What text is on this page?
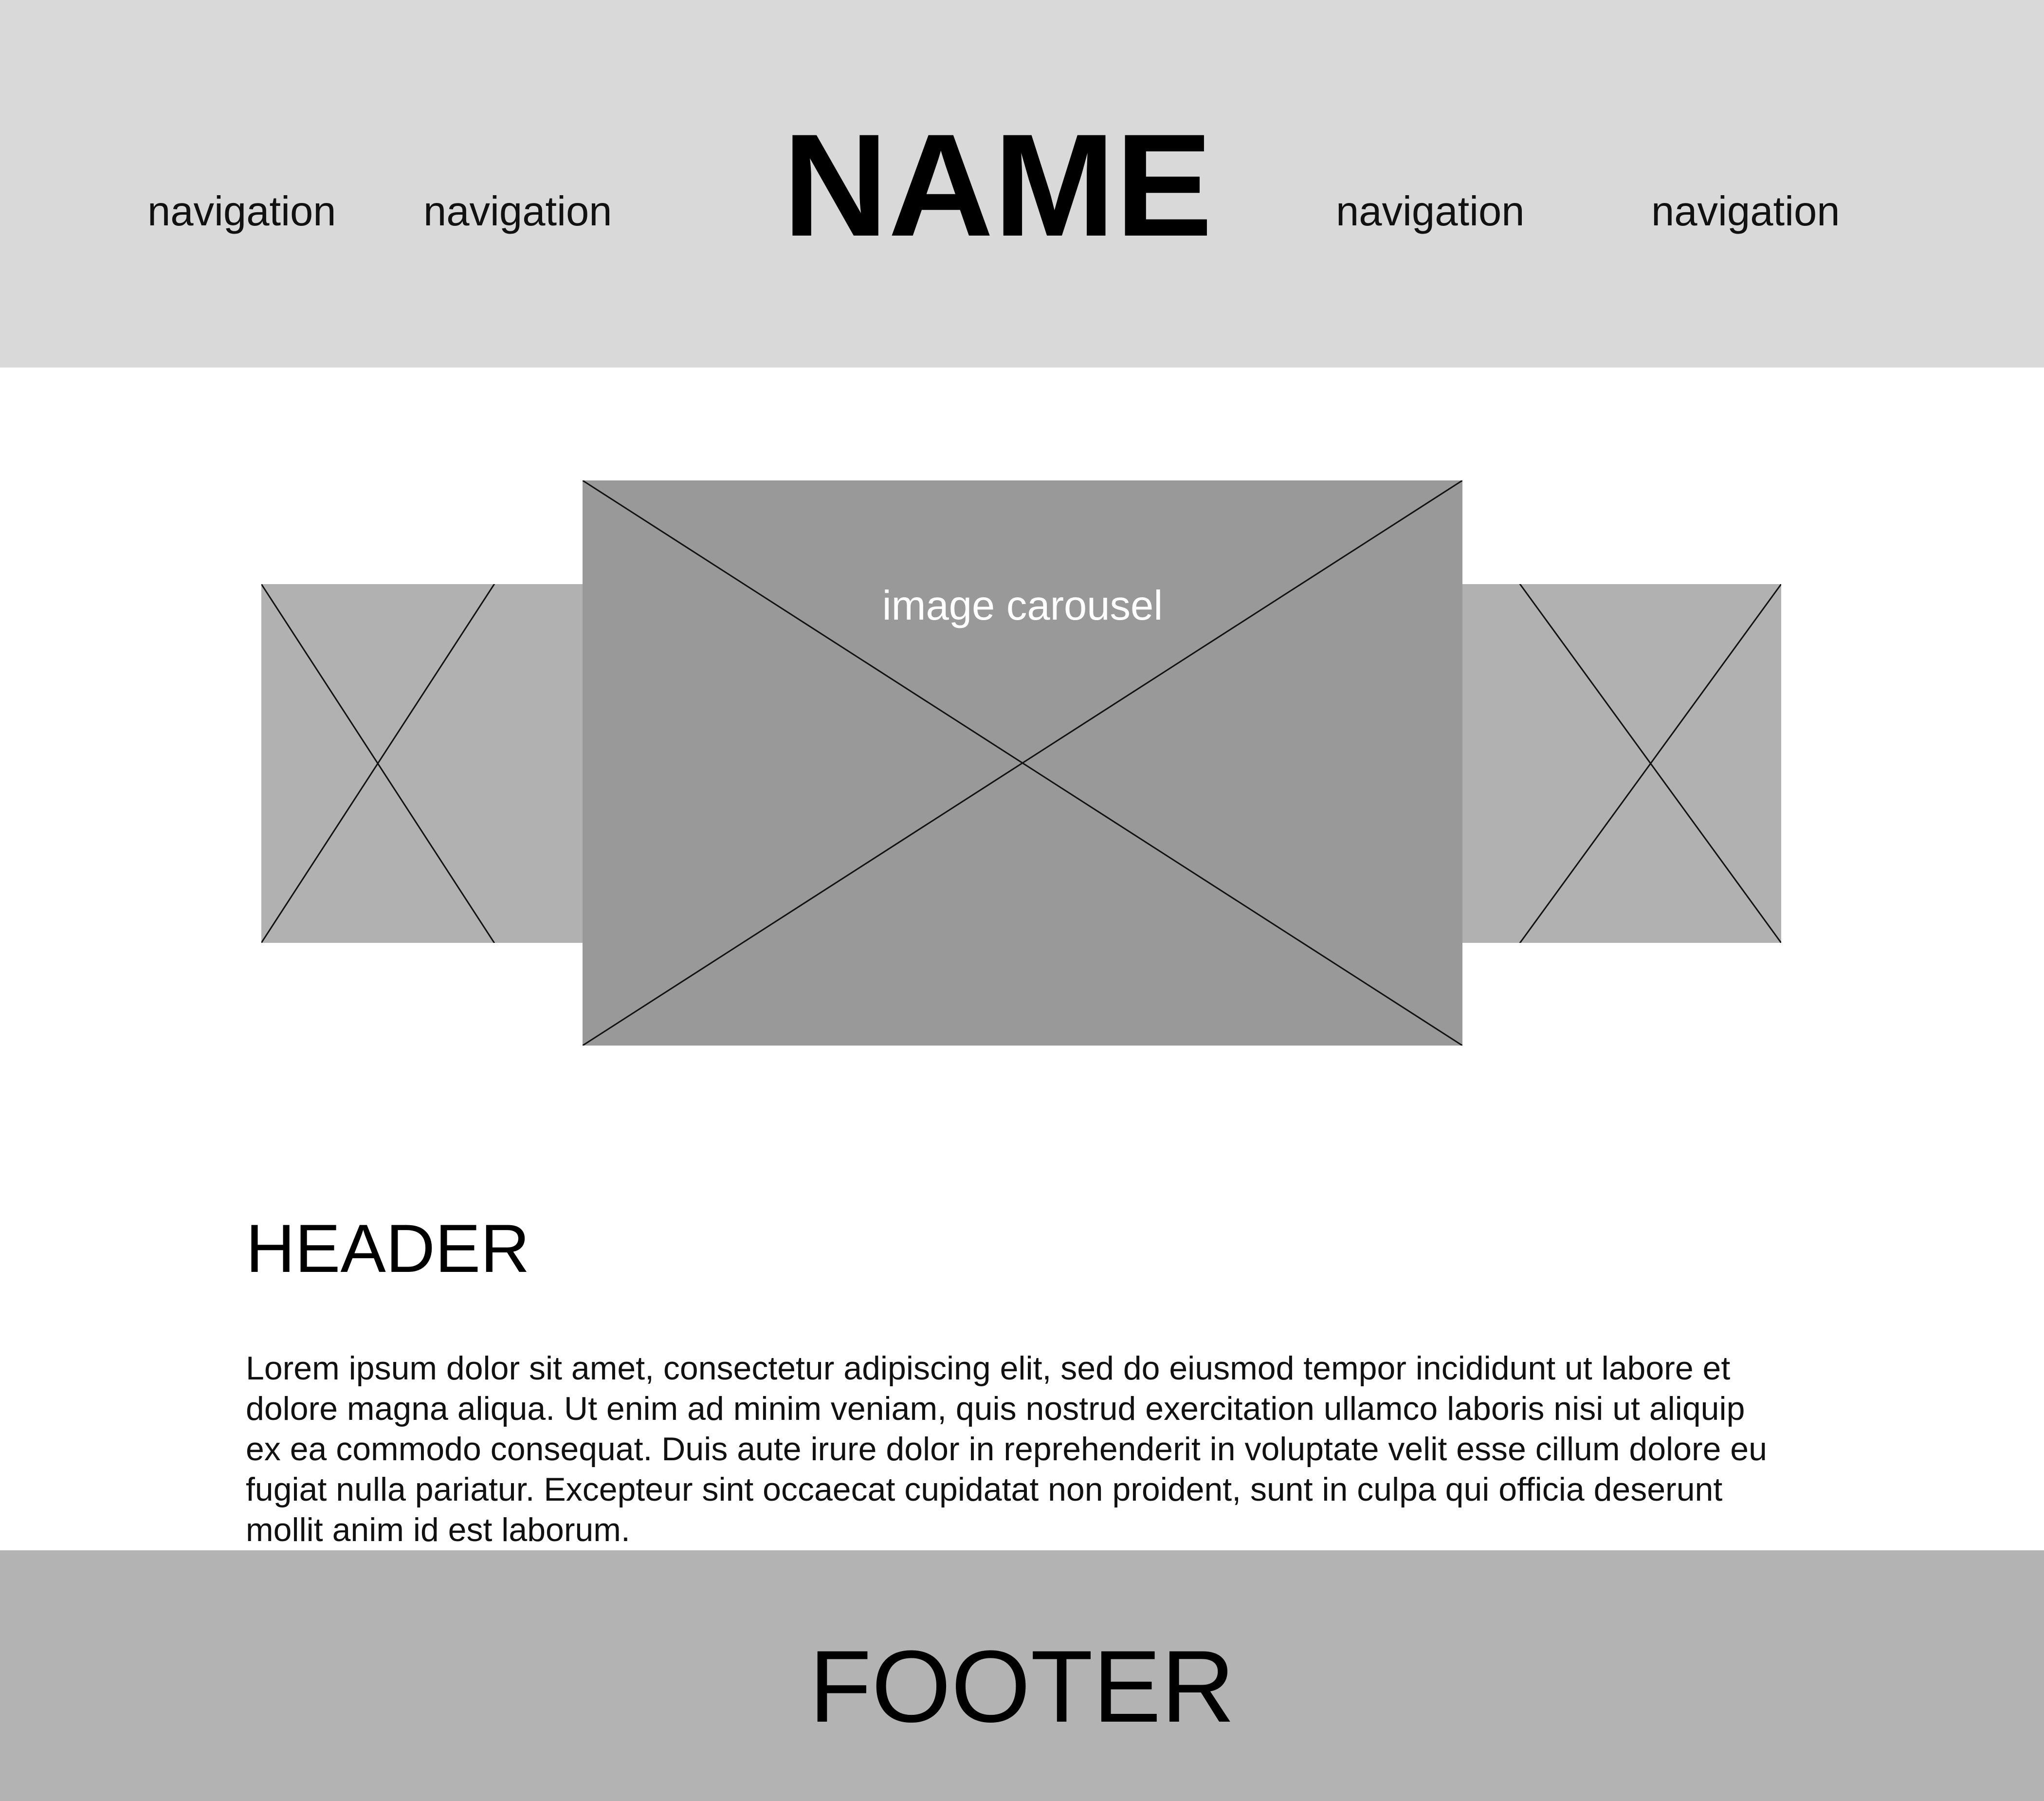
navigation navigation NAME	navigation	navigation
image carousel
HEADER

Lorem ipsum dolor sit amet, consectetur adipiscing elit, sed do eiusmod tempor incididunt ut labore et dolore magna aliqua. Ut enim ad minim veniam, quis nostrud exercitation ullamco laboris nisi ut aliquip ex ea commodo consequat. Duis aute irure dolor in reprehenderit in voluptate velit esse cillum dolore eu fugiat nulla pariatur. Excepteur sint occaecat cupidatat non proident, sunt in culpa qui officia deserunt mollit anim id est laborum.

FOOTER
